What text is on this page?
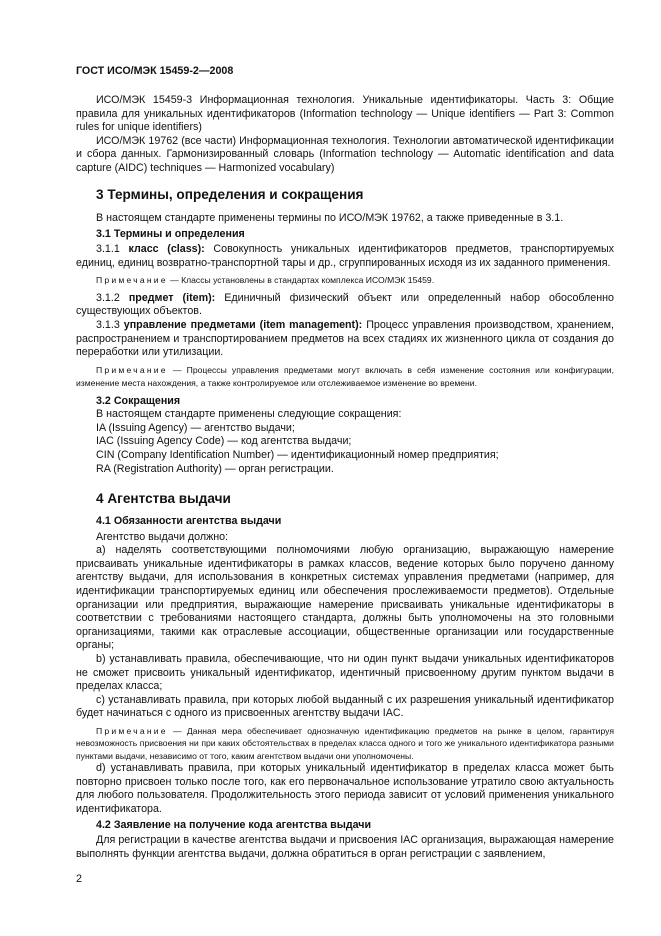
ГОСТ ИСО/МЭК 15459-2—2008

ИСО/МЭК 15459-3 Информационная технология. Уникальные идентификаторы. Часть 3: Общие правила для уникальных идентификаторов (Information technology — Unique identifiers — Part 3: Common rules for unique identifiers)

ИСО/МЭК 19762 (все части) Информационная технология. Технологии автоматической идентификации и сбора данных. Гармонизированный словарь (Information technology — Automatic identification and data capture (AIDC) techniques — Harmonized vocabulary)

3 Термины, определения и сокращения

В настоящем стандарте применены термины по ИСО/МЭК 19762, а также приведенные в 3.1.

3.1 Термины и определения

3.1.1 класс (class): Совокупность уникальных идентификаторов предметов, транспортируемых единиц, единиц возвратно-транспортной тары и др., сгруппированных исходя из их заданного применения.

Примечание — Классы установлены в стандартах комплекса ИСО/МЭК 15459.

3.1.2 предмет (item): Единичный физический объект или определенный набор обособленно существующих объектов.

3.1.3 управление предметами (item management): Процесс управления производством, хранением, распространением и транспортированием предметов на всех стадиях их жизненного цикла от создания до переработки или утилизации.

Примечание — Процессы управления предметами могут включать в себя изменение состояния или конфигурации, изменение места нахождения, а также контролируемое или отслеживаемое изменение во времени.

3.2 Сокращения

В настоящем стандарте применены следующие сокращения:

IA (Issuing Agency) — агентство выдачи;

IAC (Issuing Agency Code) — код агентства выдачи;

CIN (Company Identification Number) — идентификационный номер предприятия;

RA (Registration Authority) — орган регистрации.

4 Агентства выдачи

4.1 Обязанности агентства выдачи

Агентство выдачи должно:

a) наделять соответствующими полномочиями любую организацию, выражающую намерение присваивать уникальные идентификаторы в рамках классов, ведение которых было поручено данному агентству выдачи, для использования в конкретных системах управления предметами (например, для идентификации транспортируемых единиц или обеспечения прослеживаемости предметов). Отдельные организации или предприятия, выражающие намерение присваивать уникальные идентификаторы в соответствии с требованиями настоящего стандарта, должны быть уполномочены на это головными организациями, такими как отраслевые ассоциации, общественные организации или государственные органы;

b) устанавливать правила, обеспечивающие, что ни один пункт выдачи уникальных идентификаторов не сможет присвоить уникальный идентификатор, идентичный присвоенному другим пунктом выдачи в пределах класса;

c) устанавливать правила, при которых любой выданный с их разрешения уникальный идентификатор будет начинаться с одного из присвоенных агентству выдачи IAC.

Примечание — Данная мера обеспечивает однозначную идентификацию предметов на рынке в целом, гарантируя невозможность присвоения ни при каких обстоятельствах в пределах класса одного и того же уникального идентификатора разными пунктами выдачи, независимо от того, каким агентством выдачи они уполномочены.

d) устанавливать правила, при которых уникальный идентификатор в пределах класса может быть повторно присвоен только после того, как его первоначальное использование утратило свою актуальность для любого пользователя. Продолжительность этого периода зависит от условий применения уникального идентификатора.

4.2 Заявление на получение кода агентства выдачи

Для регистрации в качестве агентства выдачи и присвоения IAC организация, выражающая намерение выполнять функции агентства выдачи, должна обратиться в орган регистрации с заявлением,

2
